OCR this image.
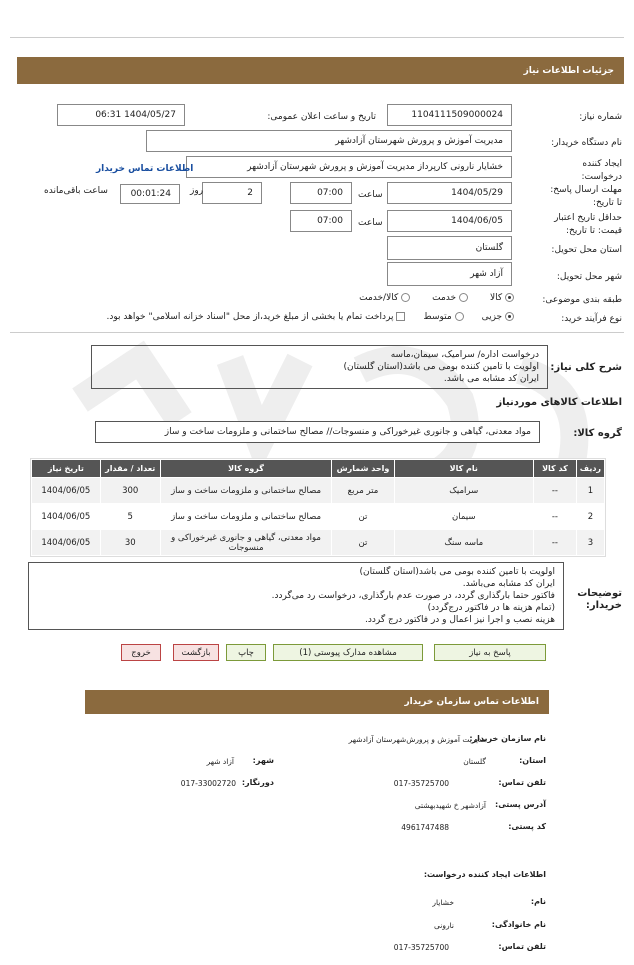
جزئیات اطلاعات نیاز
شماره نیاز:
1104111509000024
تاریخ و ساعت اعلان عمومی:
1404/05/27 06:31
نام دستگاه خریدار:
مدیریت آموزش و پرورش شهرستان آزادشهر
ایجاد کننده درخواست:
خشایار نارونی کارپرداز مدیریت آموزش و پرورش شهرستان آزادشهر
اطلاعات تماس خریدار
مهلت ارسال پاسخ: تا تاریخ:
1404/05/29
ساعت
07:00
2
روز
00:01:24
ساعت باقی‌مانده
حداقل تاریخ اعتبار قیمت: تا تاریخ:
1404/06/05
ساعت
07:00
استان محل تحویل:
گلستان
شهر محل تحویل:
آزاد شهر
طبقه بندی موضوعی:
کالا
خدمت
کالا/خدمت
نوع فرآیند خرید:
جزیی
متوسط
پرداخت تمام یا بخشی از مبلغ خرید،از محل "اسناد خزانه اسلامی" خواهد بود.
شرح کلی نیاز:
درخواست اداره/ سرامیک، سیمان،ماسه
اولویت با تامین کننده بومی می باشد(استان گلستان)
ایران کد مشابه می باشد.
اطلاعات کالاهای موردنیاز
گروه کالا:
مواد معدنی، گیاهی و جانوری غیرخوراکی و منسوجات// مصالح ساختمانی و ملزومات ساخت و ساز
ردیف	کد کالا	نام کالا	واحد شمارش	گروه کالا	تعداد / مقدار	تاریخ نیاز
1	--	سرامیک	متر مربع	مصالح ساختمانی و ملزومات ساخت و ساز	300	1404/06/05
2	--	سیمان	تن	مصالح ساختمانی و ملزومات ساخت و ساز	5	1404/06/05
3	--	ماسه سنگ	تن	مواد معدنی، گیاهی و جانوری غیرخوراکی و منسوجات	30	1404/06/05
توضیحات خریدار:
اولویت با تامین کننده بومی می باشد(استان گلستان)
ایران کد مشابه می‌باشد.
فاکتور حتما بارگذاری گردد، در صورت عدم بارگذاری، درخواست رد می‌گردد.
(تمام هزینه ها در فاکتور درج‌گردد)
هزینه نصب و اجرا نیز اعمال و در فاکتور درج گردد.
پاسخ به نیاز
مشاهده مدارک پیوستی (1)
چاپ
بازگشت
خروج
اطلاعات تماس سازمان خریدار
نام سازمان خریدار:
مدیریت آموزش و پرورش‌شهرستان آزادشهر
استان:
گلستان
شهر:
آزاد شهر
تلفن تماس:
017-35725700
دورنگار:
017-33002720
آدرس پستی:
آزادشهر خ شهیدبهشتی
کد پستی:
4961747488
اطلاعات ایجاد کننده درخواست:
نام:
خشایار
نام خانوادگی:
نارونی
تلفن تماس:
017-35725700
